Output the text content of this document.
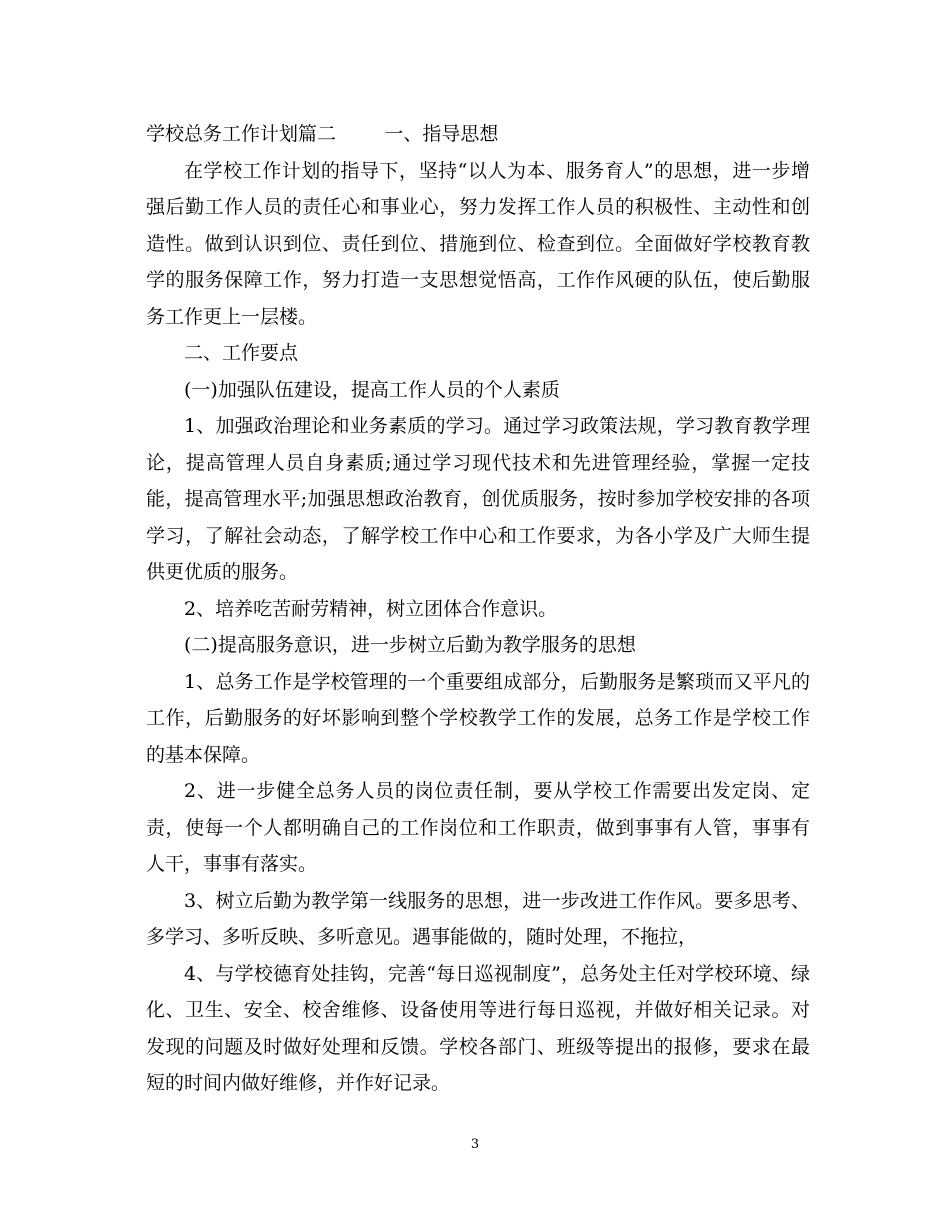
学校总务工作计划篇二	一、指导思想

在学校工作计划的指导下，坚持“以人为本、服务育人”的思想，进一步增强后勤工作人员的责任心和事业心，努力发挥工作人员的积极性、主动性和创造性。做到认识到位、责任到位、措施到位、检查到位。全面做好学校教育教学的服务保障工作，努力打造一支思想觉悟高，工作作风硬的队伍，使后勤服务工作更上一层楼。

二、工作要点

(一)加强队伍建设，提高工作人员的个人素质

1、加强政治理论和业务素质的学习。通过学习政策法规，学习教育教学理论，提高管理人员自身素质;通过学习现代技术和先进管理经验，掌握一定技能，提高管理水平;加强思想政治教育，创优质服务，按时参加学校安排的各项学习，了解社会动态，了解学校工作中心和工作要求，为各小学及广大师生提供更优质的服务。

2、培养吃苦耐劳精神，树立团体合作意识。

(二)提高服务意识，进一步树立后勤为教学服务的思想

1、总务工作是学校管理的一个重要组成部分，后勤服务是繁琐而又平凡的工作，后勤服务的好坏影响到整个学校教学工作的发展，总务工作是学校工作的基本保障。

2、进一步健全总务人员的岗位责任制，要从学校工作需要出发定岗、定责，使每一个人都明确自己的工作岗位和工作职责，做到事事有人管，事事有人干，事事有落实。

3、树立后勤为教学第一线服务的思想，进一步改进工作作风。要多思考、多学习、多听反映、多听意见。遇事能做的，随时处理，不拖拉，

4、与学校德育处挂钩，完善“每日巡视制度”，总务处主任对学校环境、绿化、卫生、安全、校舍维修、设备使用等进行每日巡视，并做好相关记录。对发现的问题及时做好处理和反馈。学校各部门、班级等提出的报修，要求在最短的时间内做好维修，并作好记录。

3
